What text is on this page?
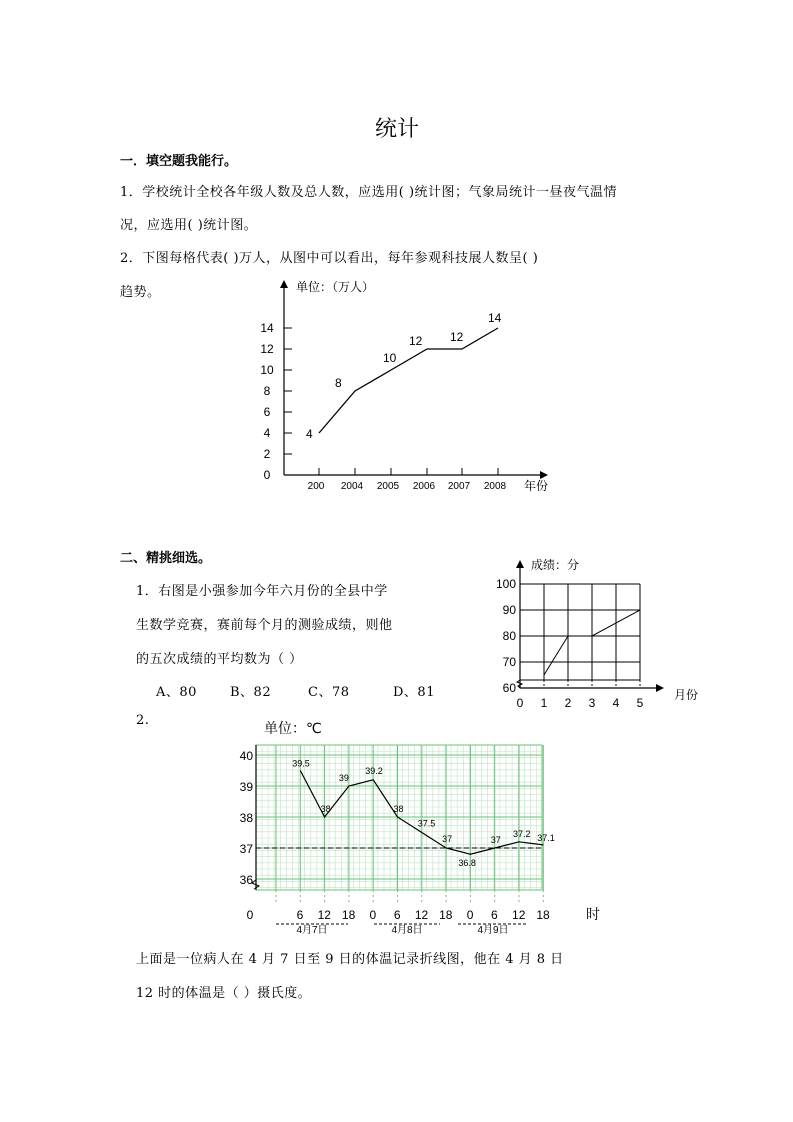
统计
一．填空题我能行。
1．学校统计全校各年级人数及总人数，应选用( )统计图；气象局统计一昼夜气温情
况，应选用( )统计图。
2．下图每格代表( )万人，从图中可以看出，每年参观科技展人数呈( )
趋势。	单位：（万人）
0
2
4
6
8
10
12
14
200 2004 2005 2006 2007 2008 年份
4
8
10
12 12
14
二、精挑细选。
1．右图是小强参加今年六月份的全县中学
生数学竞赛，赛前每个月的测验成绩，则他
的五次成绩的平均数为（ ）
A、80	B、82	C、78	D、81
成绩：分
60
70
80
90
100
0 1 2 3 4 5
月份
2.	单位：℃
36
37
38
39
40
39.5
38
39
39.2
38
37.5
37
36.8
37
37.2 37.1
0	6 12 18 0 6 12 18 0 6 12 18
4月7日	4月8日	4月9日
时
上面是一位病人在 4 月 7 日至 9 日的体温记录折线图，他在 4 月 8 日
12 时的体温是（ ）摄氏度。
